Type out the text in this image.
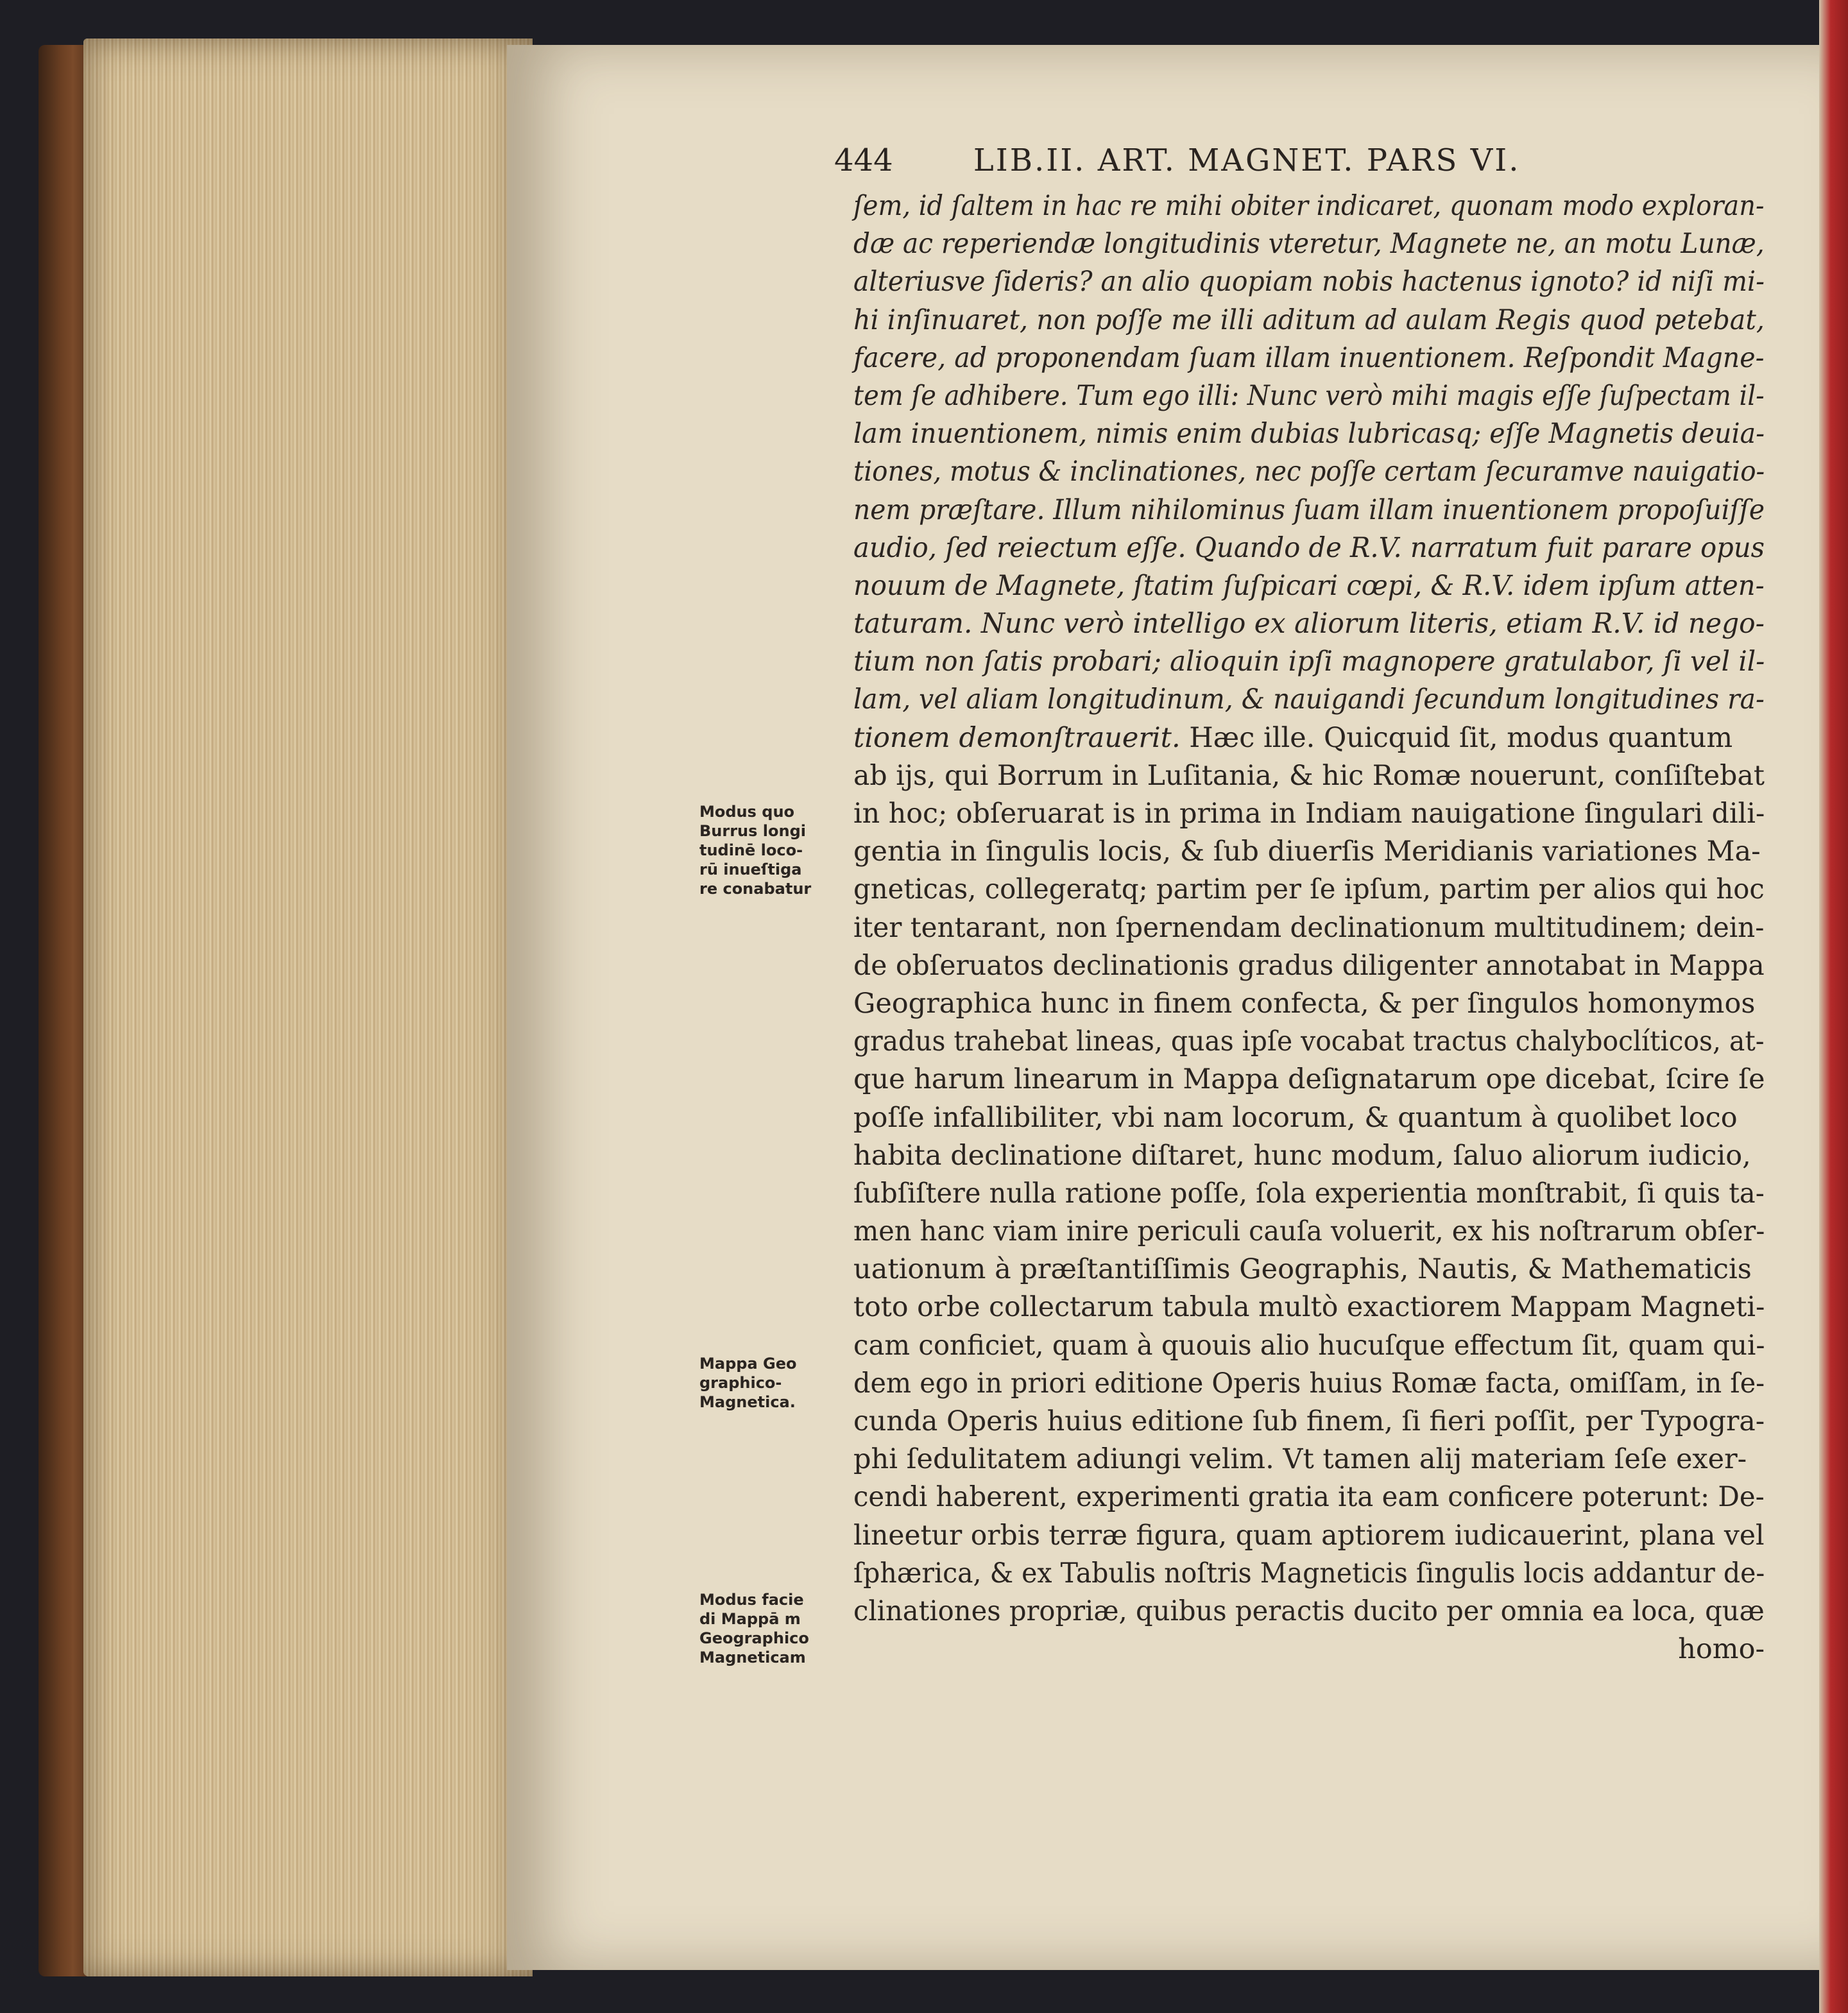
444	LIB.II. ART. MAGNET. PARS VI.
ſem, id ſaltem in hac re mihi obiter indicaret, quonam modo exploran-
dæ ac reperiendæ longitudinis vteretur, Magnete ne, an motu Lunæ,
alteriusve ſideris? an alio quopiam nobis hactenus ignoto? id niſi mi-
hi inſinuaret, non poſſe me illi aditum ad aulam Regis quod petebat,
facere, ad proponendam ſuam illam inuentionem. Reſpondit Magne-
tem ſe adhibere. Tum ego illi: Nunc verò mihi magis eſſe ſuſpectam il-
lam inuentionem, nimis enim dubias lubricasq; eſſe Magnetis deuia-
tiones, motus & inclinationes, nec poſſe certam ſecuramve nauigatio-
nem præſtare. Illum nihilominus ſuam illam inuentionem propoſuiſſe
audio, ſed reiectum eſſe. Quando de R.V. narratum fuit parare opus
nouum de Magnete, ſtatim ſuſpicari cœpi, & R.V. idem ipſum atten-
taturam. Nunc verò intelligo ex aliorum literis, etiam R.V. id nego-
tium non ſatis probari; alioquin ipſi magnopere gratulabor, ſi vel il-
lam, vel aliam longitudinum, & nauigandi ſecundum longitudines ra-
tionem demonſtrauerit. Hæc ille. Quicquid ſit, modus quantum
ab ijs, qui Borrum in Luſitania, & hic Romæ nouerunt, conſiſtebat
in hoc; obſeruarat is in prima in Indiam nauigatione ſingulari dili-
gentia in ſingulis locis, & ſub diuerſis Meridianis variationes Ma-
gneticas, collegeratq; partim per ſe ipſum, partim per alios qui hoc
iter tentarant, non ſpernendam declinationum multitudinem; dein-
de obſeruatos declinationis gradus diligenter annotabat in Mappa
Geographica hunc in finem confecta, & per ſingulos homonymos
gradus trahebat lineas, quas ipſe vocabat tractus chalyboclíticos, at-
que harum linearum in Mappa deſignatarum ope dicebat, ſcire ſe
poſſe infallibiliter, vbi nam locorum, & quantum à quolibet loco
habita declinatione diſtaret, hunc modum, ſaluo aliorum iudicio,
ſubſiſtere nulla ratione poſſe, ſola experientia monſtrabit, ſi quis ta-
men hanc viam inire periculi cauſa voluerit, ex his noſtrarum obſer-
uationum à præſtantiſſimis Geographis, Nautis, & Mathematicis
toto orbe collectarum tabula multò exactiorem Mappam Magneti-
cam conficiet, quam à quouis alio hucuſque effectum ſit, quam qui-
dem ego in priori editione Operis huius Romæ facta, omiſſam, in ſe-
cunda Operis huius editione ſub finem, ſi fieri poſſit, per Typogra-
phi ſedulitatem adiungi velim. Vt tamen alij materiam ſeſe exer-
cendi haberent, experimenti gratia ita eam conficere poterunt: De-
lineetur orbis terræ figura, quam aptiorem iudicauerint, plana vel
ſphærica, & ex Tabulis noſtris Magneticis ſingulis locis addantur de-
clinationes propriæ, quibus peractis ducito per omnia ea loca, quæ
homo-
Modus quo
Burrus longi
tudinē loco-
rū inueſtiga
re conabatur
Mappa Geo
graphico-
Magnetica.
Modus facie
di Mappā m
Geographico
Magneticam
